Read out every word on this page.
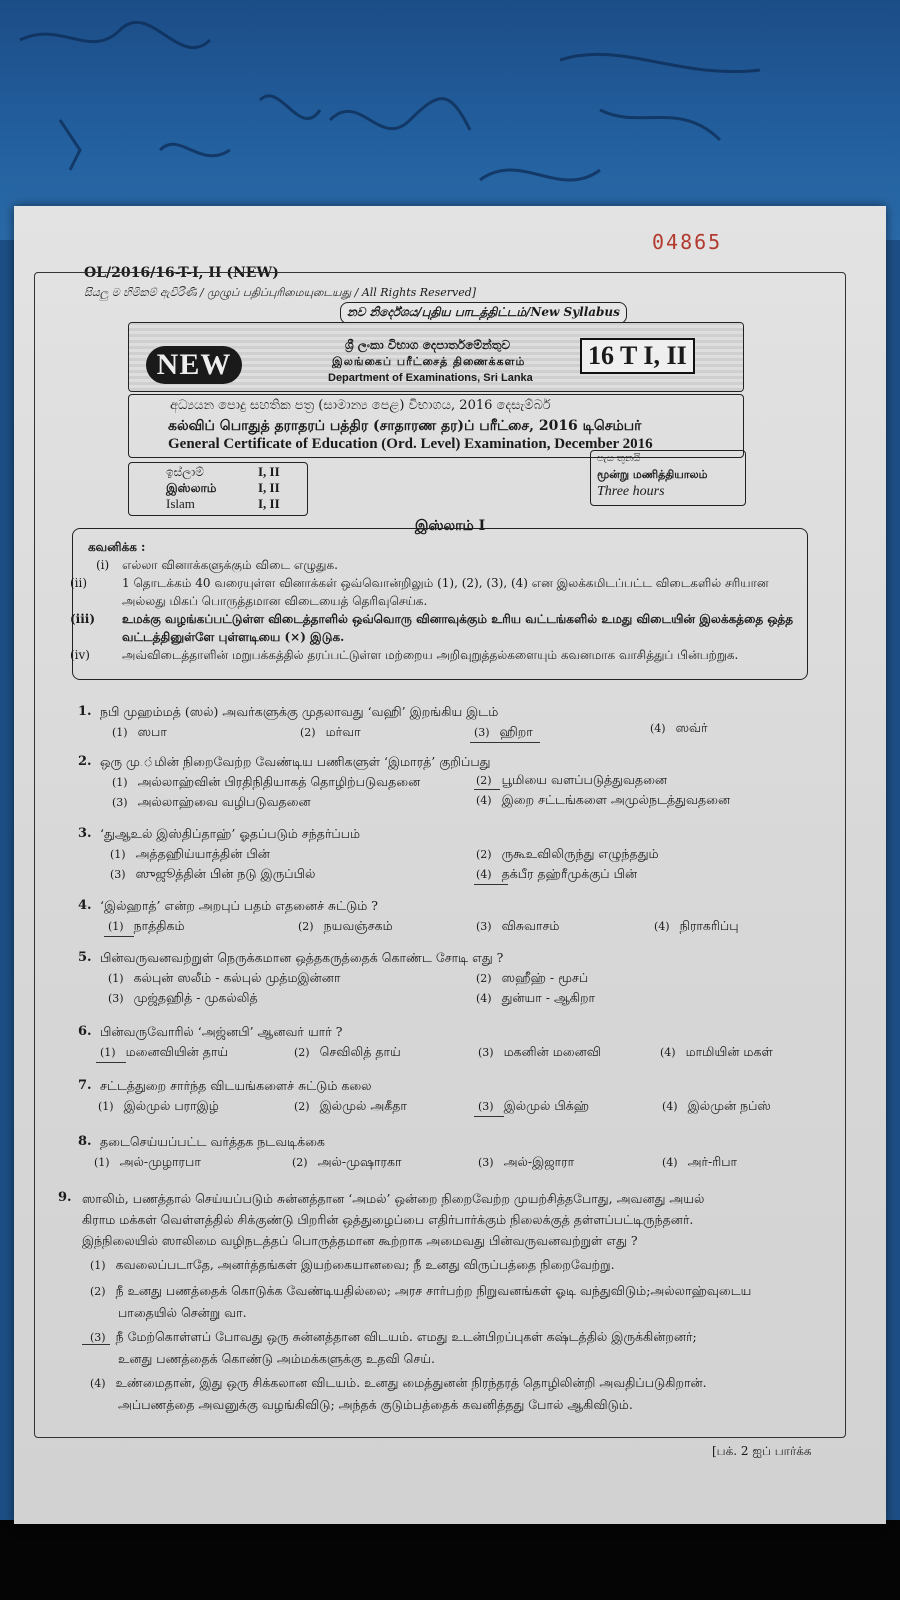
04865
OL/2016/16-T-I, II (NEW)
සියලු ම හිමිකම් ඇවිරිණි / முழுப் பதிப்புரிமையுடையது / All Rights Reserved]
නව නිර්දේශය/புதிய பாடத்திட்டம்/New Syllabus
NEW
ශ්‍රී ලංකා විභාග දෙපාර්තමේන්තුව
இலங்கைப் பரீட்சைத் திணைக்களம்
Department of Examinations, Sri Lanka
16 T I, II
අධ්‍යයන පොදු සහතික පත්‍ර (සාමාන්‍ය පෙළ) විභාගය, 2016 දෙසැම්බර්
கல்விப் பொதுத் தராதரப் பத்திர (சாதாரண தர)ப் பரீட்சை, 2016 டிசெம்பர்
General Certificate of Education (Ord. Level) Examination, December 2016
ඉස්ලාම්	I, II
இஸ்லாம்	I, II
Islam	I, II
පැය තුනයි
மூன்று மணித்தியாலம்
Three hours
இஸ்லாம் I
கவனிக்க :
(i) எல்லா வினாக்களுக்கும் விடை எழுதுக.
(ii)	1 தொடக்கம் 40 வரையுள்ள வினாக்கள் ஒவ்வொன்றிலும் (1), (2), (3), (4) என இலக்கமிடப்பட்ட விடைகளில் சரியான அல்லது மிகப் பொருத்தமான விடையைத் தெரிவுசெய்க.
(iii) உமக்கு வழங்கப்பட்டுள்ள விடைத்தாளில் ஒவ்வொரு வினாவுக்கும் உரிய வட்டங்களில் உமது விடையின் இலக்கத்தை ஒத்த வட்டத்தினுள்ளே புள்ளடியை (×) இடுக.
(iv)	அவ்விடைத்தாளின் மறுபக்கத்தில் தரப்பட்டுள்ள மற்றைய அறிவுறுத்தல்களையும் கவனமாக வாசித்துப் பின்பற்றுக.
1. நபி முஹம்மத் (ஸல்) அவர்களுக்கு முதலாவது ‘வஹி’ இறங்கிய இடம்
(1) ஸபா	(2) மர்வா	(3) ஹிறா	(4) ஸவ்ர்
2. ஒரு மு.்மின் நிறைவேற்ற வேண்டிய பணிகளுள் ‘இமாரத்’ குறிப்பது
(1) அல்லாஹ்வின் பிரதிநிதியாகத் தொழிற்படுவதனை	(2) பூமியை வளப்படுத்துவதனை
(3) அல்லாஹ்வை வழிபடுவதனை	(4) இறை சட்டங்களை அமுல்நடத்துவதனை
3. ‘துஆஉல் இஸ்திப்தாஹ்’ ஓதப்படும் சந்தர்ப்பம்
(1) அத்தஹிய்யாத்தின் பின்	(2) ருகூஉவிலிருந்து எழுந்ததும்
(3) ஸுஜூத்தின் பின் நடு இருப்பில்	(4) தக்பீர தஹ்ரீமுக்குப் பின்
4. ‘இல்ஹாத்’ என்ற அறபுப் பதம் எதனைச் சுட்டும் ?
(1) நாத்திகம்	(2) நயவஞ்சகம்	(3) விசுவாசம்	(4) நிராகரிப்பு
5. பின்வருவனவற்றுள் நெருக்கமான ஒத்தகருத்தைக் கொண்ட சோடி எது ?
(1) கல்புன் ஸலீம் - கல்புல் முத்மஇன்னா	(2) ஸஹீஹ் - மூசப்
(3) முஜ்தஹித் - முகல்லித்	(4) துன்யா - ஆகிறா
6. பின்வருவோரில் ‘அஜ்னபி’ ஆனவர் யார் ?
(1) மனைவியின் தாய்	(2) செவிலித் தாய்	(3) மகனின் மனைவி	(4) மாமியின் மகள்
7. சட்டத்துறை சார்ந்த விடயங்களைச் சுட்டும் கலை
(1) இல்முல் பராஇழ்	(2) இல்முல் அகீதா	(3) இல்முல் பிக்ஹ்	(4) இல்முன் நப்ஸ்
8. தடைசெய்யப்பட்ட வர்த்தக நடவடிக்கை
(1) அல்-முழாரபா	(2) அல்-முஷாரகா	(3) அல்-இஜாரா	(4) அர்-ரிபா
9. ஸாலிம், பணத்தால் செய்யப்படும் சுன்னத்தான ‘அமல்’ ஒன்றை நிறைவேற்ற முயற்சித்தபோது, அவனது அயல்
கிராம மக்கள் வெள்ளத்தில் சிக்குண்டு பிறரின் ஒத்துழைப்பை எதிர்பார்க்கும் நிலைக்குத் தள்ளப்பட்டிருந்தனர்.
இந்நிலையில் ஸாலிமை வழிநடத்தப் பொருத்தமான கூற்றாக அமைவது பின்வருவனவற்றுள் எது ?
(1) கவலைப்படாதே, அனர்த்தங்கள் இயற்கையானவை; நீ உனது விருப்பத்தை நிறைவேற்று.
(2) நீ உனது பணத்தைக் கொடுக்க வேண்டியதில்லை; அரச சார்பற்ற நிறுவனங்கள் ஓடி வந்துவிடும்;அல்லாஹ்வுடைய
பாதையில் சென்று வா.
(3) நீ மேற்கொள்ளப் போவது ஒரு சுன்னத்தான விடயம். எமது உடன்பிறப்புகள் கஷ்டத்தில் இருக்கின்றனர்;
உனது பணத்தைக் கொண்டு அம்மக்களுக்கு உதவி செய்.
(4) உண்மைதான், இது ஒரு சிக்கலான விடயம். உனது மைத்துனன் நிரந்தரத் தொழிலின்றி அவதிப்படுகிறான்.
அப்பணத்தை அவனுக்கு வழங்கிவிடு; அந்தக் குடும்பத்தைக் கவனித்தது போல் ஆகிவிடும்.
[பக். 2 ஐப் பார்க்க
